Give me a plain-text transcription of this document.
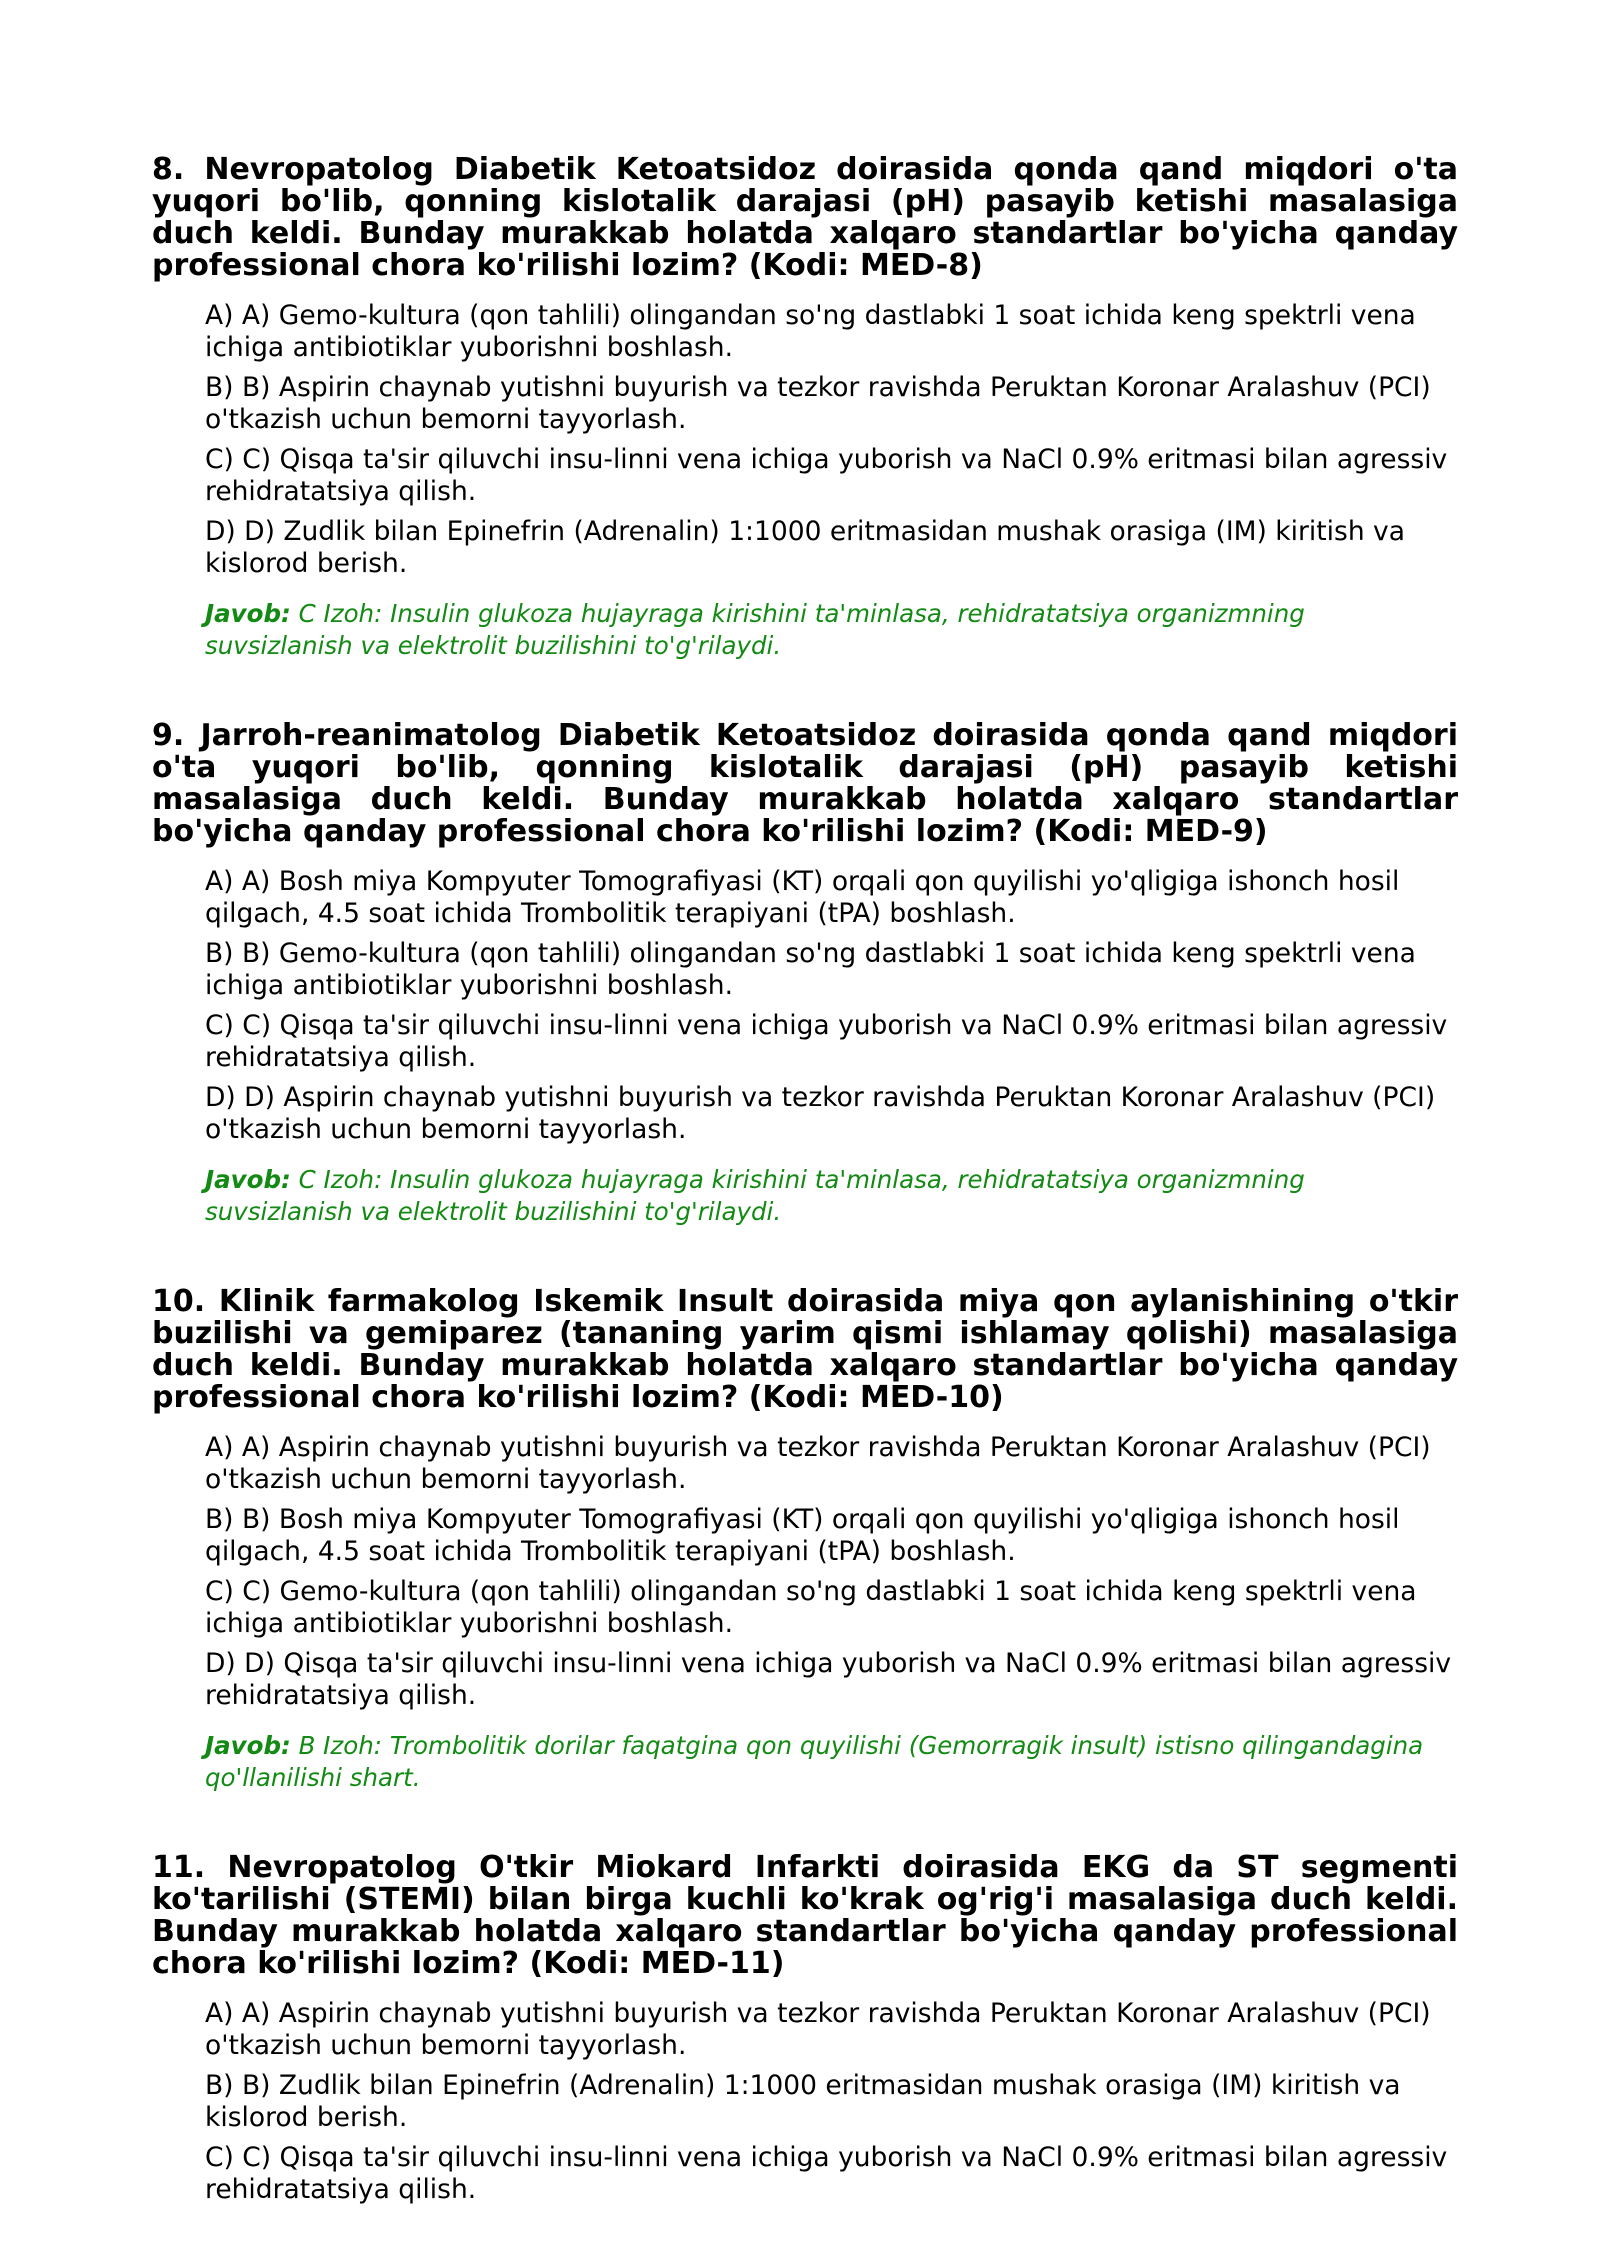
8. Nevropatolog Diabetik Ketoatsidoz doirasida qonda qand miqdori o'ta yuqori bo'lib, qonning kislotalik darajasi (pH) pasayib ketishi masalasiga duch keldi. Bunday murakkab holatda xalqaro standartlar bo'yicha qanday professional chora ko'rilishi lozim? (Kodi: MED-8)
A) A) Gemo-kultura (qon tahlili) olingandan so'ng dastlabki 1 soat ichida keng spektrli vena ichiga antibiotiklar yuborishni boshlash.
B) B) Aspirin chaynab yutishni buyurish va tezkor ravishda Peruktan Koronar Aralashuv (PCI) o'tkazish uchun bemorni tayyorlash.
C) C) Qisqa ta'sir qiluvchi insu-linni vena ichiga yuborish va NaCl 0.9% eritmasi bilan agressiv rehidratatsiya qilish.
D) D) Zudlik bilan Epinefrin (Adrenalin) 1:1000 eritmasidan mushak orasiga (IM) kiritish va kislorod berish.
Javob: C Izoh: Insulin glukoza hujayraga kirishini ta'minlasa, rehidratatsiya organizmning suvsizlanish va elektrolit buzilishini to'g'rilaydi.
9. Jarroh-reanimatolog Diabetik Ketoatsidoz doirasida qonda qand miqdori o'ta yuqori bo'lib, qonning kislotalik darajasi (pH) pasayib ketishi masalasiga duch keldi. Bunday murakkab holatda xalqaro standartlar bo'yicha qanday professional chora ko'rilishi lozim? (Kodi: MED-9)
A) A) Bosh miya Kompyuter Tomografiyasi (KT) orqali qon quyilishi yo'qligiga ishonch hosil qilgach, 4.5 soat ichida Trombolitik terapiyani (tPA) boshlash.
B) B) Gemo-kultura (qon tahlili) olingandan so'ng dastlabki 1 soat ichida keng spektrli vena ichiga antibiotiklar yuborishni boshlash.
C) C) Qisqa ta'sir qiluvchi insu-linni vena ichiga yuborish va NaCl 0.9% eritmasi bilan agressiv rehidratatsiya qilish.
D) D) Aspirin chaynab yutishni buyurish va tezkor ravishda Peruktan Koronar Aralashuv (PCI) o'tkazish uchun bemorni tayyorlash.
Javob: C Izoh: Insulin glukoza hujayraga kirishini ta'minlasa, rehidratatsiya organizmning suvsizlanish va elektrolit buzilishini to'g'rilaydi.
10. Klinik farmakolog Iskemik Insult doirasida miya qon aylanishining o'tkir buzilishi va gemiparez (tananing yarim qismi ishlamay qolishi) masalasiga duch keldi. Bunday murakkab holatda xalqaro standartlar bo'yicha qanday professional chora ko'rilishi lozim? (Kodi: MED-10)
A) A) Aspirin chaynab yutishni buyurish va tezkor ravishda Peruktan Koronar Aralashuv (PCI) o'tkazish uchun bemorni tayyorlash.
B) B) Bosh miya Kompyuter Tomografiyasi (KT) orqali qon quyilishi yo'qligiga ishonch hosil qilgach, 4.5 soat ichida Trombolitik terapiyani (tPA) boshlash.
C) C) Gemo-kultura (qon tahlili) olingandan so'ng dastlabki 1 soat ichida keng spektrli vena ichiga antibiotiklar yuborishni boshlash.
D) D) Qisqa ta'sir qiluvchi insu-linni vena ichiga yuborish va NaCl 0.9% eritmasi bilan agressiv rehidratatsiya qilish.
Javob: B Izoh: Trombolitik dorilar faqatgina qon quyilishi (Gemorragik insult) istisno qilingandagina qo'llanilishi shart.
11. Nevropatolog O'tkir Miokard Infarkti doirasida EKG da ST segmenti ko'tarilishi (STEMI) bilan birga kuchli ko'krak og'rig'i masalasiga duch keldi. Bunday murakkab holatda xalqaro standartlar bo'yicha qanday professional chora ko'rilishi lozim? (Kodi: MED-11)
A) A) Aspirin chaynab yutishni buyurish va tezkor ravishda Peruktan Koronar Aralashuv (PCI) o'tkazish uchun bemorni tayyorlash.
B) B) Zudlik bilan Epinefrin (Adrenalin) 1:1000 eritmasidan mushak orasiga (IM) kiritish va kislorod berish.
C) C) Qisqa ta'sir qiluvchi insu-linni vena ichiga yuborish va NaCl 0.9% eritmasi bilan agressiv rehidratatsiya qilish.
